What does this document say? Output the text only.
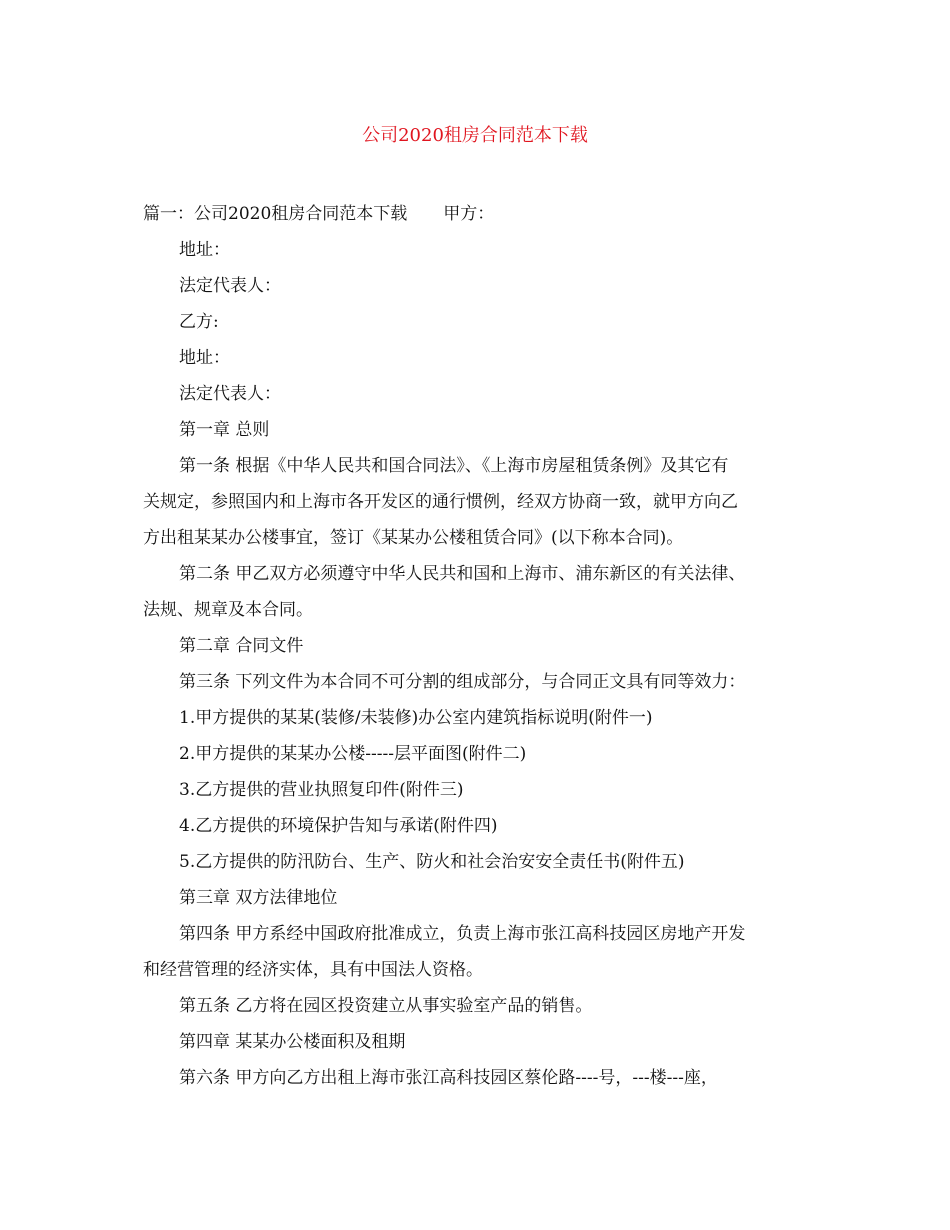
公司2020租房合同范本下载

篇一：公司2020租房合同范本下载 甲方：

地址：

法定代表人：

乙方:

地址：

法定代表人：

第一章 总则

第一条 根据《中华人民共和国合同法》、《上海市房屋租赁条例》及其它有

关规定，参照国内和上海市各开发区的通行惯例，经双方协商一致，就甲方向乙

方出租某某办公楼事宜，签订《某某办公楼租赁合同》(以下称本合同)。

第二条 甲乙双方必须遵守中华人民共和国和上海市、浦东新区的有关法律、

法规、规章及本合同。

第二章 合同文件

第三条 下列文件为本合同不可分割的组成部分，与合同正文具有同等效力：

1.甲方提供的某某(装修/未装修)办公室内建筑指标说明(附件一)

2.甲方提供的某某办公楼-----层平面图(附件二)

3.乙方提供的营业执照复印件(附件三)

4.乙方提供的环境保护告知与承诺(附件四)

5.乙方提供的防汛防台、生产、防火和社会治安安全责任书(附件五)

第三章 双方法律地位

第四条 甲方系经中国政府批准成立，负责上海市张江高科技园区房地产开发

和经营管理的经济实体，具有中国法人资格。

第五条 乙方将在园区投资建立从事实验室产品的销售。

第四章 某某办公楼面积及租期

第六条 甲方向乙方出租上海市张江高科技园区蔡伦路----号，---楼---座，
